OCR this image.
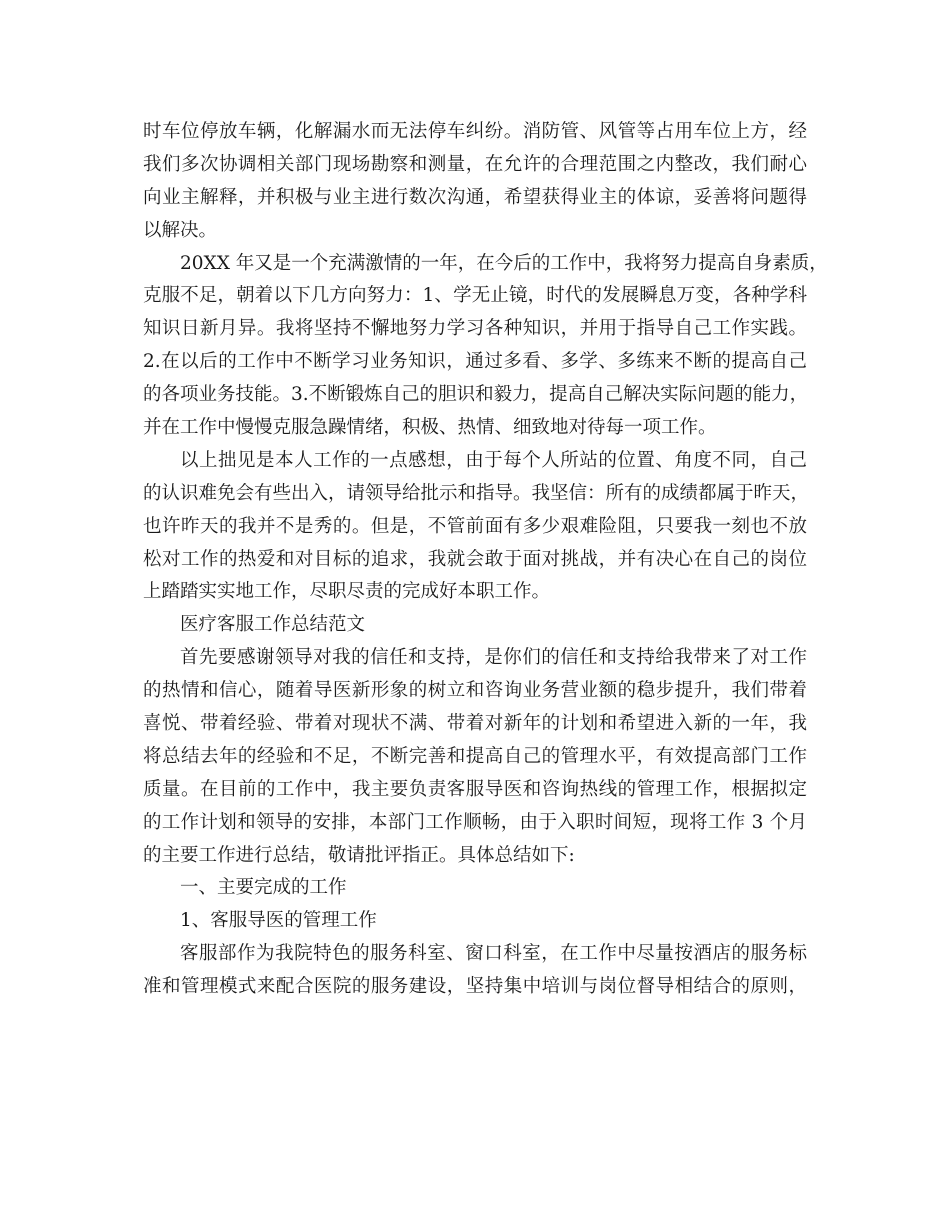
时车位停放车辆，化解漏水而无法停车纠纷。消防管、风管等占用车位上方，经
我们多次协调相关部门现场勘察和测量，在允许的合理范围之内整改，我们耐心
向业主解释，并积极与业主进行数次沟通，希望获得业主的体谅，妥善将问题得
以解决。
20XX 年又是一个充满激情的一年，在今后的工作中，我将努力提高自身素质，
克服不足，朝着以下几方向努力：1、学无止镜，时代的发展瞬息万变，各种学科
知识日新月异。我将坚持不懈地努力学习各种知识，并用于指导自己工作实践。
2.在以后的工作中不断学习业务知识，通过多看、多学、多练来不断的提高自己
的各项业务技能。3.不断锻炼自己的胆识和毅力，提高自己解决实际问题的能力，
并在工作中慢慢克服急躁情绪，积极、热情、细致地对待每一项工作。
以上拙见是本人工作的一点感想，由于每个人所站的位置、角度不同，自己
的认识难免会有些出入，请领导给批示和指导。我坚信：所有的成绩都属于昨天，
也许昨天的我并不是秀的。但是，不管前面有多少艰难险阻，只要我一刻也不放
松对工作的热爱和对目标的追求，我就会敢于面对挑战，并有决心在自己的岗位
上踏踏实实地工作，尽职尽责的完成好本职工作。
医疗客服工作总结范文
首先要感谢领导对我的信任和支持，是你们的信任和支持给我带来了对工作
的热情和信心，随着导医新形象的树立和咨询业务营业额的稳步提升，我们带着
喜悦、带着经验、带着对现状不满、带着对新年的计划和希望进入新的一年，我
将总结去年的经验和不足，不断完善和提高自己的管理水平，有效提高部门工作
质量。在目前的工作中，我主要负责客服导医和咨询热线的管理工作，根据拟定
的工作计划和领导的安排，本部门工作顺畅，由于入职时间短，现将工作 3 个月
的主要工作进行总结，敬请批评指正。具体总结如下:
一、主要完成的工作
1、客服导医的管理工作
客服部作为我院特色的服务科室、窗口科室，在工作中尽量按酒店的服务标
准和管理模式来配合医院的服务建设，坚持集中培训与岗位督导相结合的原则，
